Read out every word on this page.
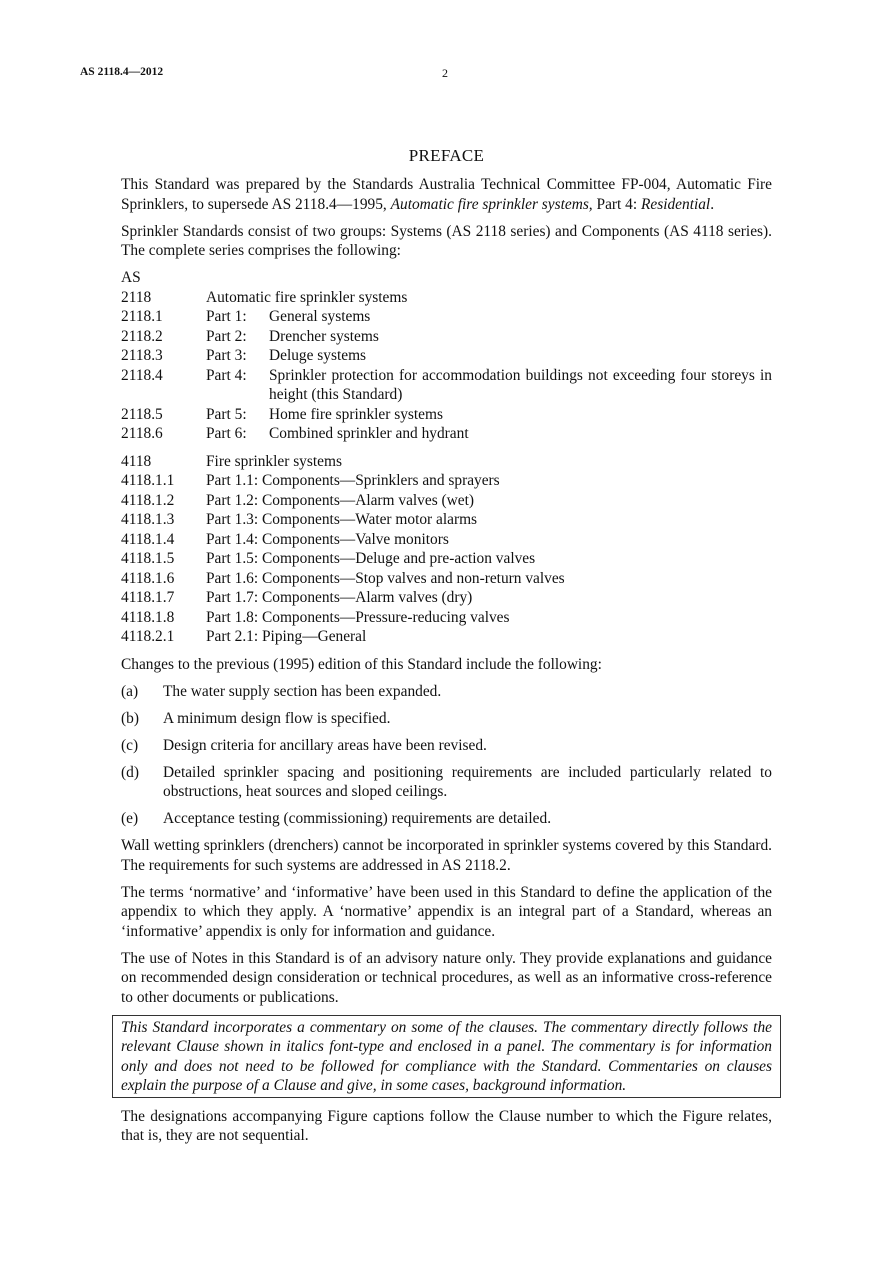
AS 2118.4—2012	2
PREFACE

This Standard was prepared by the Standards Australia Technical Committee FP-004, Automatic Fire Sprinklers, to supersede AS 2118.4—1995, Automatic fire sprinkler systems, Part 4: Residential.

Sprinkler Standards consist of two groups: Systems (AS 2118 series) and Components (AS 4118 series). The complete series comprises the following:

AS
2118	Automatic fire sprinkler systems
2118.1	Part 1:	General systems
2118.2	Part 2:	Drencher systems
2118.3	Part 3:	Deluge systems
2118.4	Part 4:	Sprinkler protection for accommodation buildings not exceeding four storeys in height (this Standard)
2118.5	Part 5:	Home fire sprinkler systems
2118.6	Part 6:	Combined sprinkler and hydrant
4118	Fire sprinkler systems
4118.1.1	Part 1.1: Components—Sprinklers and sprayers
4118.1.2	Part 1.2: Components—Alarm valves (wet)
4118.1.3	Part 1.3: Components—Water motor alarms
4118.1.4	Part 1.4: Components—Valve monitors
4118.1.5	Part 1.5: Components—Deluge and pre-action valves
4118.1.6	Part 1.6: Components—Stop valves and non-return valves
4118.1.7	Part 1.7: Components—Alarm valves (dry)
4118.1.8	Part 1.8: Components—Pressure-reducing valves
4118.2.1	Part 2.1: Piping—General

Changes to the previous (1995) edition of this Standard include the following:

(a)	The water supply section has been expanded.
(b)	A minimum design flow is specified.
(c)	Design criteria for ancillary areas have been revised.
(d)	Detailed sprinkler spacing and positioning requirements are included particularly related to obstructions, heat sources and sloped ceilings.
(e)	Acceptance testing (commissioning) requirements are detailed.

Wall wetting sprinklers (drenchers) cannot be incorporated in sprinkler systems covered by this Standard. The requirements for such systems are addressed in AS 2118.2.

The terms ‘normative’ and ‘informative’ have been used in this Standard to define the application of the appendix to which they apply. A ‘normative’ appendix is an integral part of a Standard, whereas an ‘informative’ appendix is only for information and guidance.

The use of Notes in this Standard is of an advisory nature only. They provide explanations and guidance on recommended design consideration or technical procedures, as well as an informative cross-reference to other documents or publications.

This Standard incorporates a commentary on some of the clauses. The commentary directly follows the relevant Clause shown in italics font-type and enclosed in a panel. The commentary is for information only and does not need to be followed for compliance with the Standard. Commentaries on clauses explain the purpose of a Clause and give, in some cases, background information.

The designations accompanying Figure captions follow the Clause number to which the Figure relates, that is, they are not sequential.
